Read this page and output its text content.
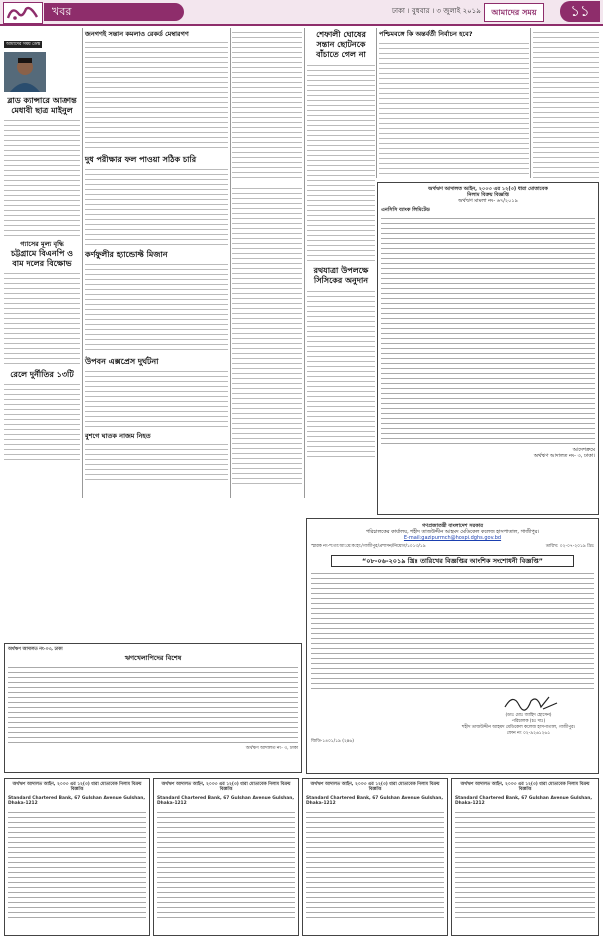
খবর	ঢাকা । বুধবার । ৩ জুলাই ২০১৯	আমাদের সময়	১১
আমাদের সময় ডেস্ক

ব্লাড ক্যান্সারে আক্রান্ত মেধাবী ছাত্র মাইনুল
গ্যাসের মূল্য বৃদ্ধি
চট্টগ্রামে বিএনপি ও বাম দলের বিক্ষোভ
রেলে দুর্নীতির ১৩টি
জনগণই সন্তান কমলাও রেকর্ড মেম্বারগণ
দুধ পরীক্ষার ফল পাওয়া সঠিক চারি
কর্ণফুলীর হ্যান্ডোফ্ট মিজান
উপবন এক্সপ্রেস দুর্ঘটনা
বুশগে ঘাতক নাজম নিহত
শেফালী ঘোষের সন্তান ছোটনকে বাঁচাতে গেল না
রথযাত্রা উপলক্ষে সিসিকের অনুদান
পশ্চিমবঙ্গে কি অন্তর্বর্তী নির্বাচন হবে?
অর্থঋণ আদালত আইন, ২০০৩ এর ১২(৩) ধারা মোতাবেক
নিলাম বিক্রয় বিজ্ঞপ্তি
অর্থঋণ মামলা নং- ৬৭/২০১৯
এনসিসি ব্যাংক লিমিটেড
আদেশক্রমে
অর্থঋণ আদালত নং- ৩, ঢাকা।
গণপ্রজাতন্ত্রী বাংলাদেশ সরকার
পরিচালকের কার্যালয়, শহীদ তাজউদ্দীন আহমদ মেডিকেল কলেজ হাসপাতাল, গাজীপুর।
E-mail:gazipurmch@hospi.dghs.gov.bd
স্মারক নং-শ:তা:আ:মে:ক:হা:/গাজীপুর/প্রশাসন/নিয়োগ/১০১৩/১৯	তারিখ: ০২-০৭-২০১৯ খ্রিঃ
“০৮-০৬-২০১৯ খ্রিঃ তারিখের বিজ্ঞপ্তির আংশিক সংশোধনী বিজ্ঞপ্তি”
(ডাঃ মোঃ জাহিদ হোসেন)
পরিচালক (চঃ দাঃ)
শহীদ তাজউদ্দীন আহমদ মেডিকেল কলেজ হাসপাতাল, গাজীপুর।
ফোন নং ০২-৯২৬১২৬১
জিডি-১৪০১/১৯ (২x৬)
অর্থঋণ আদালত নং-০৩, ঢাকা
ঋণখেলাপিদের বিশেষ
অর্থঋণ আদালত নং- ৩, ঢাকা
অর্থঋণ আদালত আইন, ২০০৩ এর ১২(৩) ধারা মোতাবেক নিলাম বিক্রয় বিজ্ঞপ্তি
Standard Chartered Bank, 67 Gulshan Avenue Gulshan, Dhaka-1212
অর্থঋণ আদালত আইন, ২০০৩ এর ১২(৩) ধারা মোতাবেক নিলাম বিক্রয় বিজ্ঞপ্তি
Standard Chartered Bank, 67 Gulshan Avenue Gulshan, Dhaka-1212
অর্থঋণ আদালত আইন, ২০০৩ এর ১২(৩) ধারা মোতাবেক নিলাম বিক্রয় বিজ্ঞপ্তি
Standard Chartered Bank, 67 Gulshan Avenue Gulshan, Dhaka-1212
অর্থঋণ আদালত আইন, ২০০৩ এর ১২(৩) ধারা মোতাবেক নিলাম বিক্রয় বিজ্ঞপ্তি
Standard Chartered Bank, 67 Gulshan Avenue Gulshan, Dhaka-1212
